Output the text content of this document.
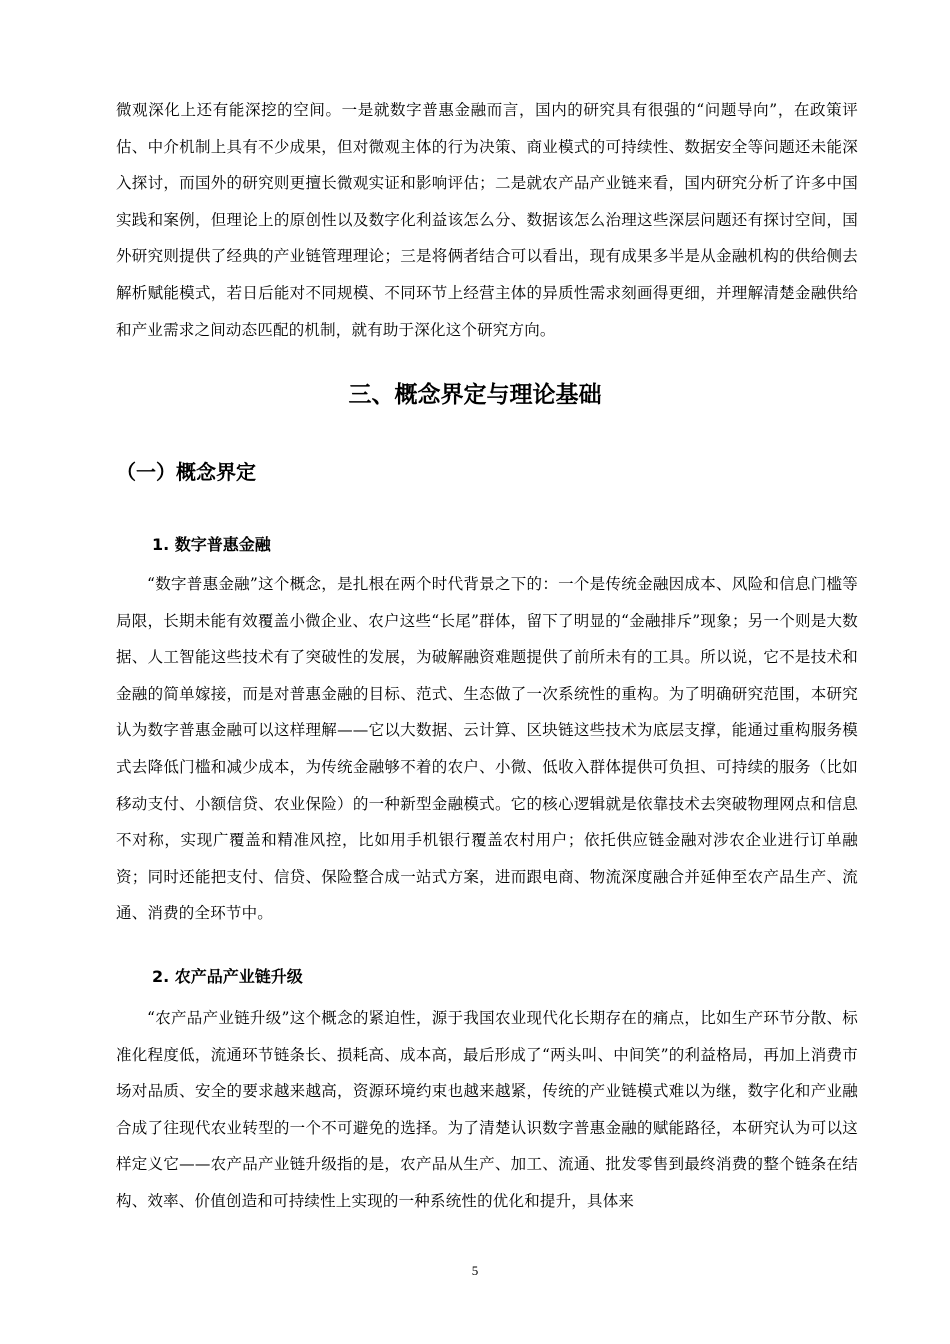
微观深化上还有能深挖的空间。一是就数字普惠金融而言，国内的研究具有很强的“问题导向”，在政策评估、中介机制上具有不少成果，但对微观主体的行为决策、商业模式的可持续性、数据安全等问题还未能深入探讨，而国外的研究则更擅长微观实证和影响评估；二是就农产品产业链来看，国内研究分析了许多中国实践和案例，但理论上的原创性以及数字化利益该怎么分、数据该怎么治理这些深层问题还有探讨空间，国外研究则提供了经典的产业链管理理论；三是将俩者结合可以看出，现有成果多半是从金融机构的供给侧去解析赋能模式，若日后能对不同规模、不同环节上经营主体的异质性需求刻画得更细，并理解清楚金融供给和产业需求之间动态匹配的机制，就有助于深化这个研究方向。

三、概念界定与理论基础
（一）概念界定
1. 数字普惠金融

“数字普惠金融”这个概念，是扎根在两个时代背景之下的：一个是传统金融因成本、风险和信息门槛等局限，长期未能有效覆盖小微企业、农户这些“长尾”群体，留下了明显的“金融排斥”现象；另一个则是大数据、人工智能这些技术有了突破性的发展，为破解融资难题提供了前所未有的工具。所以说，它不是技术和金融的简单嫁接，而是对普惠金融的目标、范式、生态做了一次系统性的重构。为了明确研究范围，本研究认为数字普惠金融可以这样理解——它以大数据、云计算、区块链这些技术为底层支撑，能通过重构服务模式去降低门槛和减少成本，为传统金融够不着的农户、小微、低收入群体提供可负担、可持续的服务（比如移动支付、小额信贷、农业保险）的一种新型金融模式。它的核心逻辑就是依靠技术去突破物理网点和信息不对称，实现广覆盖和精准风控，比如用手机银行覆盖农村用户；依托供应链金融对涉农企业进行订单融资；同时还能把支付、信贷、保险整合成一站式方案，进而跟电商、物流深度融合并延伸至农产品生产、流通、消费的全环节中。

2. 农产品产业链升级

“农产品产业链升级”这个概念的紧迫性，源于我国农业现代化长期存在的痛点，比如生产环节分散、标准化程度低，流通环节链条长、损耗高、成本高，最后形成了“两头叫、中间笑”的利益格局，再加上消费市场对品质、安全的要求越来越高，资源环境约束也越来越紧，传统的产业链模式难以为继，数字化和产业融合成了往现代农业转型的一个不可避免的选择。为了清楚认识数字普惠金融的赋能路径，本研究认为可以这样定义它——农产品产业链升级指的是，农产品从生产、加工、流通、批发零售到最终消费的整个链条在结构、效率、价值创造和可持续性上实现的一种系统性的优化和提升，具体来

5
